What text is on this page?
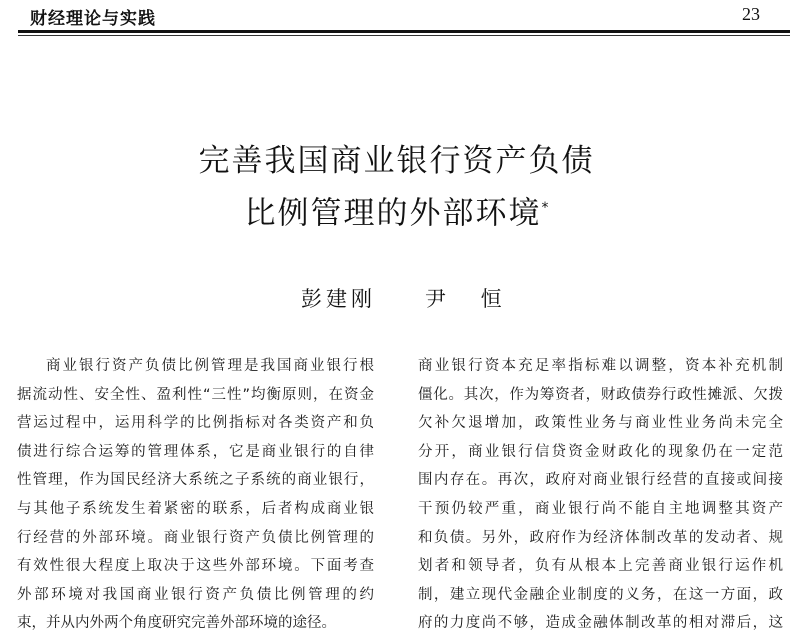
财经理论与实践	23
完善我国商业银行资产负债
比例管理的外部环境*
彭建刚 尹 恒
商业银行资产负债比例管理是我国商业银行根
据流动性、安全性、盈利性“三性”均衡原则，在资金
营运过程中，运用科学的比例指标对各类资产和负
债进行综合运筹的管理体系，它是商业银行的自律
性管理，作为国民经济大系统之子系统的商业银行，
与其他子系统发生着紧密的联系，后者构成商业银
行经营的外部环境。商业银行资产负债比例管理的
有效性很大程度上取决于这些外部环境。下面考查
外部环境对我国商业银行资产负债比例管理的约
束，并从内外两个角度研究完善外部环境的途径。
商业银行资本充足率指标难以调整，资本补充机制
僵化。其次，作为筹资者，财政债券行政性摊派、欠拨
欠补欠退增加，政策性业务与商业性业务尚未完全
分开，商业银行信贷资金财政化的现象仍在一定范
围内存在。再次，政府对商业银行经营的直接或间接
干预仍较严重，商业银行尚不能自主地调整其资产
和负债。另外，政府作为经济体制改革的发动者、规
划者和领导者，负有从根本上完善商业银行运作机
制，建立现代金融企业制度的义务，在这一方面，政
府的力度尚不够，造成金融体制改革的相对滞后，这
